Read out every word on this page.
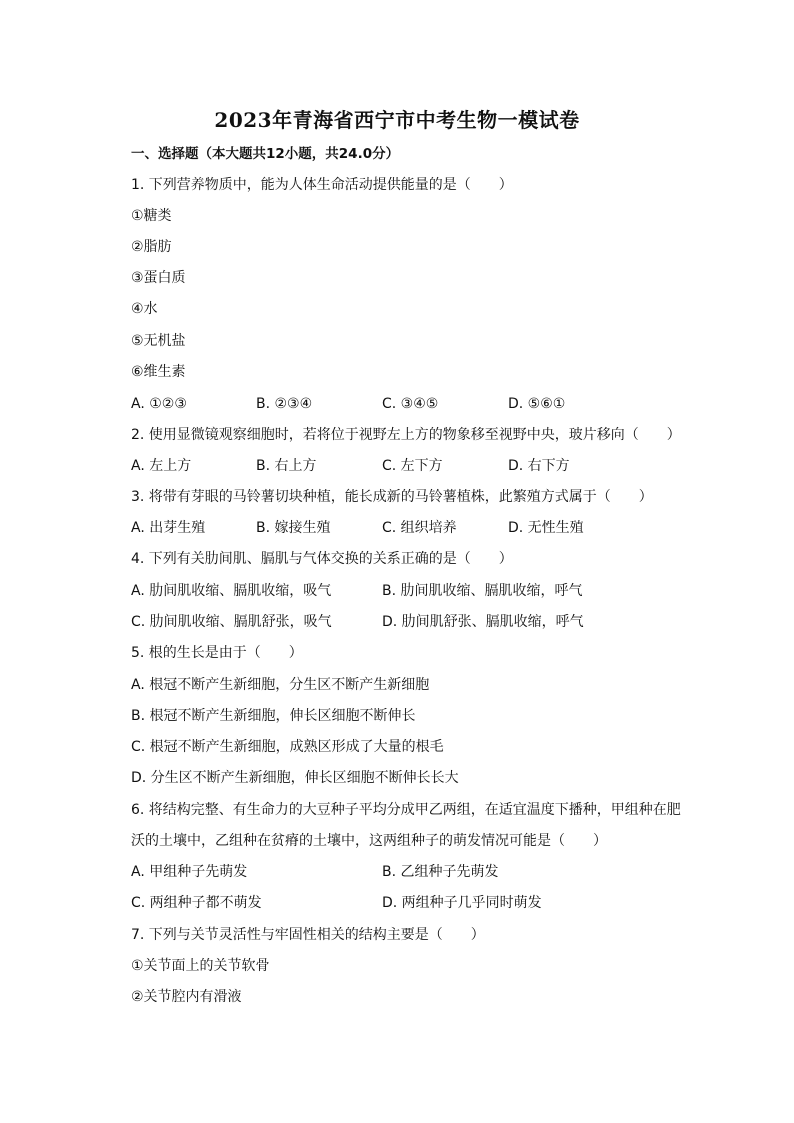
2023年青海省西宁市中考生物一模试卷
一、选择题（本大题共12小题，共24.0分）
1. 下列营养物质中，能为人体生命活动提供能量的是（　　）
①糖类
②脂肪
③蛋白质
④水
⑤无机盐
⑥维生素
A. ①②③	B. ②③④	C. ③④⑤	D. ⑤⑥①
2. 使用显微镜观察细胞时，若将位于视野左上方的物象移至视野中央，玻片移向（　　）
A. 左上方	B. 右上方	C. 左下方	D. 右下方
3. 将带有芽眼的马铃薯切块种植，能长成新的马铃薯植株，此繁殖方式属于（　　）
A. 出芽生殖	B. 嫁接生殖	C. 组织培养	D. 无性生殖
4. 下列有关肋间肌、膈肌与气体交换的关系正确的是（　　）
A. 肋间肌收缩、膈肌收缩，吸气	B. 肋间肌收缩、膈肌收缩，呼气
C. 肋间肌收缩、膈肌舒张，吸气	D. 肋间肌舒张、膈肌收缩，呼气
5. 根的生长是由于（　　）
A. 根冠不断产生新细胞，分生区不断产生新细胞
B. 根冠不断产生新细胞，伸长区细胞不断伸长
C. 根冠不断产生新细胞，成熟区形成了大量的根毛
D. 分生区不断产生新细胞，伸长区细胞不断伸长长大
6. 将结构完整、有生命力的大豆种子平均分成甲乙两组，在适宜温度下播种，甲组种在肥
沃的土壤中，乙组种在贫瘠的土壤中，这两组种子的萌发情况可能是（　　）
A. 甲组种子先萌发	B. 乙组种子先萌发
C. 两组种子都不萌发	D. 两组种子几乎同时萌发
7. 下列与关节灵活性与牢固性相关的结构主要是（　　）
①关节面上的关节软骨
②关节腔内有滑液
